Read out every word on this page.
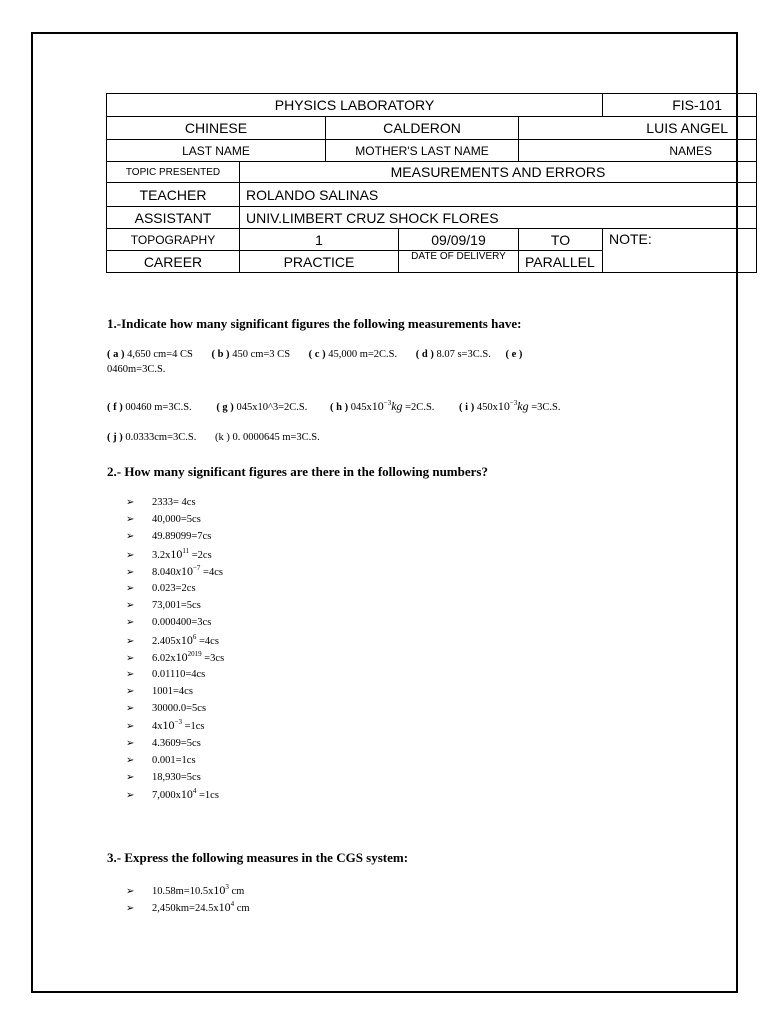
PHYSICS LABORATORY					FIS-101
CHINESE		CALDERON		LUIS ANGEL	
LAST NAME		MOTHER'S LAST NAME		NAMES	
TOPIC PRESENTED	MEASUREMENTS AND ERRORS				
TEACHER	ROLANDO SALINAS				
ASSISTANT	UNIV.LIMBERT CRUZ SHOCK FLORES				
TOPOGRAPHY	1		09/09/19	TO	NOTE:
CAREER	PRACTICE		DATE OF DELIVERY	PARALLEL	
1.-Indicate how many significant figures the following measurements have:
( a ) 4,650 cm=4 CS ( b ) 450 cm=3 CS ( c ) 45,000 m=2C.S. ( d ) 8.07 s=3C.S. ( e )
0460m=3C.S.
( f ) 00460 m=3C.S. ( g ) 045x10^3=2C.S. ( h ) $045x10^{-3}kg =2C.S$. ( i ) $450x10^{-3}kg =3C.S$.
( j ) 0.0333cm=3C.S. (k ) 0. 0000645 m=3C.S.
2.- How many significant figures are there in the following numbers?
➢ 2333= 4cs
➢ 40,000=5cs
➢ 49.89099=7cs
➢ $3.2x10^{11} =2cs$
➢ $8.040x10^{-7} =4cs$
➢ 0.023=2cs
➢ 73,001=5cs
➢ 0.000400=3cs
➢ $2.405x10^6 =4cs$
➢ $6.02x10^{2019} =3cs$
➢ 0.01110=4cs
➢ 1001=4cs
➢ 30000.0=5cs
➢ $4x10^{-3} =1cs$
➢ 4.3609=5cs
➢ 0.001=1cs
➢ 18,930=5cs
➢ $7,000x10^4 =1cs$
3.- Express the following measures in the CGS system:
➢ $10.58m=10.5x10^3$ cm
➢ $2,450km=24.5x10^4$ cm
